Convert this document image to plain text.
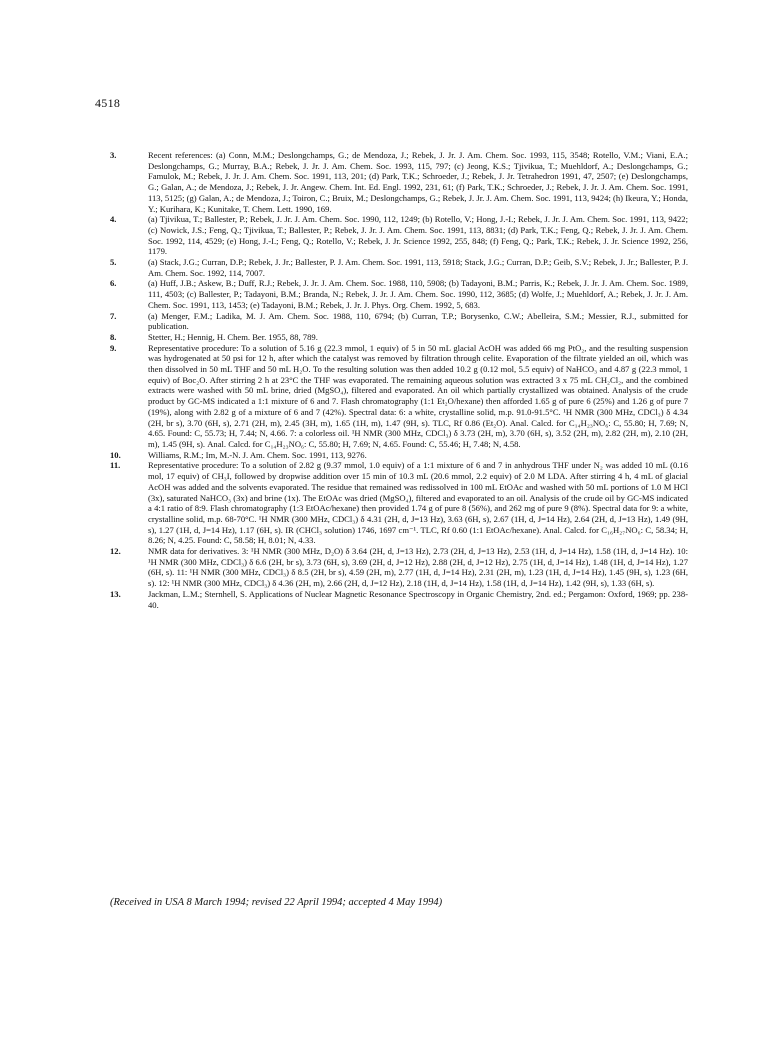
4518
3.	Recent references: (a) Conn, M.M.; Deslongchamps, G.; de Mendoza, J.; Rebek, J. Jr. J. Am. Chem. Soc. 1993, 115, 3548; Rotello, V.M.; Viani, E.A.; Deslongchamps, G.; Murray, B.A.; Rebek, J. Jr. J. Am. Chem. Soc. 1993, 115, 797; (c) Jeong, K.S.; Tjivikua, T.; Muehldorf, A.; Deslongchamps, G.; Famulok, M.; Rebek, J. Jr. J. Am. Chem. Soc. 1991, 113, 201; (d) Park, T.K.; Schroeder, J.; Rebek, J. Jr. Tetrahedron 1991, 47, 2507; (e) Deslongchamps, G.; Galan, A.; de Mendoza, J.; Rebek, J. Jr. Angew. Chem. Int. Ed. Engl. 1992, 231, 61; (f) Park, T.K.; Schroeder, J.; Rebek, J. Jr. J. Am. Chem. Soc. 1991, 113, 5125; (g) Galan, A.; de Mendoza, J.; Toiron, C.; Bruix, M.; Deslongchamps, G.; Rebek, J. Jr. J. Am. Chem. Soc. 1991, 113, 9424; (h) Ikeura, Y.; Honda, Y.; Kurihara, K.; Kunitake, T. Chem. Lett. 1990, 169.
4.	(a) Tjivikua, T.; Ballester, P.; Rebek, J. Jr. J. Am. Chem. Soc. 1990, 112, 1249; (b) Rotello, V.; Hong, J.-I.; Rebek, J. Jr. J. Am. Chem. Soc. 1991, 113, 9422; (c) Nowick, J.S.; Feng, Q.; Tjivikua, T.; Ballester, P.; Rebek, J. Jr. J. Am. Chem. Soc. 1991, 113, 8831; (d) Park, T.K.; Feng, Q.; Rebek, J. Jr. J. Am. Chem. Soc. 1992, 114, 4529; (e) Hong, J.-I.; Feng, Q.; Rotello, V.; Rebek, J. Jr. Science 1992, 255, 848; (f) Feng, Q.; Park, T.K.; Rebek, J. Jr. Science 1992, 256, 1179.
5.	(a) Stack, J.G.; Curran, D.P.; Rebek, J. Jr.; Ballester, P. J. Am. Chem. Soc. 1991, 113, 5918; Stack, J.G.; Curran, D.P.; Geib, S.V.; Rebek, J. Jr.; Ballester, P. J. Am. Chem. Soc. 1992, 114, 7007.
6.	(a) Huff, J.B.; Askew, B.; Duff, R.J.; Rebek, J. Jr. J. Am. Chem. Soc. 1988, 110, 5908; (b) Tadayoni, B.M.; Parris, K.; Rebek, J. Jr. J. Am. Chem. Soc. 1989, 111, 4503; (c) Ballester, P.; Tadayoni, B.M.; Branda, N.; Rebek, J. Jr. J. Am. Chem. Soc. 1990, 112, 3685; (d) Wolfe, J.; Muehldorf, A.; Rebek, J. Jr. J. Am. Chem. Soc. 1991, 113, 1453; (e) Tadayoni, B.M.; Rebek, J. Jr. J. Phys. Org. Chem. 1992, 5, 683.
7.	(a) Menger, F.M.; Ladika, M. J. Am. Chem. Soc. 1988, 110, 6794; (b) Curran, T.P.; Borysenko, C.W.; Abelleira, S.M.; Messier, R.J., submitted for publication.
8.	Stetter, H.; Hennig, H. Chem. Ber. 1955, 88, 789.
9.	Representative procedure: To a solution of 5.16 g (22.3 mmol, 1 equiv) of 5 in 50 mL glacial AcOH was added 66 mg PtO₂, and the resulting suspension was hydrogenated at 50 psi for 12 h, after which the catalyst was removed by filtration through celite. Evaporation of the filtrate yielded an oil, which was then dissolved in 50 mL THF and 50 mL H₂O. To the resulting solution was then added 10.2 g (0.12 mol, 5.5 equiv) of NaHCO₃ and 4.87 g (22.3 mmol, 1 equiv) of Boc₂O. After stirring 2 h at 23°C the THF was evaporated. The remaining aqueous solution was extracted 3 x 75 mL CH₂Cl₂, and the combined extracts were washed with 50 mL brine, dried (MgSO₄), filtered and evaporated. An oil which partially crystallized was obtained. Analysis of the crude product by GC-MS indicated a 1:1 mixture of 6 and 7. Flash chromatography (1:1 Et₂O/hexane) then afforded 1.65 g of pure 6 (25%) and 1.26 g of pure 7 (19%), along with 2.82 g of a mixture of 6 and 7 (42%). Spectral data: 6: a white, crystalline solid, m.p. 91.0-91.5°C. ¹H NMR (300 MHz, CDCl₃) δ 4.34 (2H, br s), 3.70 (6H, s), 2.71 (2H, m), 2.45 (3H, m), 1.65 (1H, m), 1.47 (9H, s). TLC, Rf 0.86 (Et₂O). Anal. Calcd. for C₁₄H₂₃NO₆: C, 55.80; H, 7.69; N, 4.65. Found: C, 55.73; H, 7.44; N, 4.66. 7: a colorless oil. ¹H NMR (300 MHz, CDCl₃) δ 3.73 (2H, m), 3.70 (6H, s), 3.52 (2H, m), 2.82 (2H, m), 2.10 (2H, m), 1.45 (9H, s). Anal. Calcd. for C₁₄H₂₃NO₆: C, 55.80; H, 7.69; N, 4.65. Found: C, 55.46; H, 7.48; N, 4.58.
10.	Williams, R.M.; Im, M.-N. J. Am. Chem. Soc. 1991, 113, 9276.
11.	Representative procedure: To a solution of 2.82 g (9.37 mmol, 1.0 equiv) of a 1:1 mixture of 6 and 7 in anhydrous THF under N₂ was added 10 mL (0.16 mol, 17 equiv) of CH₃I, followed by dropwise addition over 15 min of 10.3 mL (20.6 mmol, 2.2 equiv) of 2.0 M LDA. After stirring 4 h, 4 mL of glacial AcOH was added and the solvents evaporated. The residue that remained was redissolved in 100 mL EtOAc and washed with 50 mL portions of 1.0 M HCl (3x), saturated NaHCO₃ (3x) and brine (1x). The EtOAc was dried (MgSO₄), filtered and evaporated to an oil. Analysis of the crude oil by GC-MS indicated a 4:1 ratio of 8:9. Flash chromatography (1:3 EtOAc/hexane) then provided 1.74 g of pure 8 (56%), and 262 mg of pure 9 (8%). Spectral data for 9: a white, crystalline solid, m.p. 68-70°C. ¹H NMR (300 MHz, CDCl₃) δ 4.31 (2H, d, J=13 Hz), 3.63 (6H, s), 2.67 (1H, d, J=14 Hz), 2.64 (2H, d, J=13 Hz), 1.49 (9H, s), 1.27 (1H, d, J=14 Hz), 1.17 (6H, s). IR (CHCl₃ solution) 1746, 1697 cm⁻¹. TLC, Rf 0.60 (1:1 EtOAc/hexane). Anal. Calcd. for C₁₆H₂₇NO₆: C, 58.34; H, 8.26; N, 4.25. Found: C, 58.58; H, 8.01; N, 4.33.
12.	NMR data for derivatives. 3: ¹H NMR (300 MHz, D₂O) δ 3.64 (2H, d, J=13 Hz), 2.73 (2H, d, J=13 Hz), 2.53 (1H, d, J=14 Hz), 1.58 (1H, d, J=14 Hz). 10: ¹H NMR (300 MHz, CDCl₃) δ 6.6 (2H, br s), 3.73 (6H, s), 3.69 (2H, d, J=12 Hz), 2.88 (2H, d, J=12 Hz), 2.75 (1H, d, J=14 Hz), 1.48 (1H, d, J=14 Hz), 1.27 (6H, s). 11: ¹H NMR (300 MHz, CDCl₃) δ 8.5 (2H, br s), 4.59 (2H, m), 2.77 (1H, d, J=14 Hz), 2.31 (2H, m), 1.23 (1H, d, J=14 Hz), 1.45 (9H, s), 1.23 (6H, s). 12: ¹H NMR (300 MHz, CDCl₃) δ 4.36 (2H, m), 2.66 (2H, d, J=12 Hz), 2.18 (1H, d, J=14 Hz), 1.58 (1H, d, J=14 Hz), 1.42 (9H, s), 1.33 (6H, s).
13.	Jackman, L.M.; Sternhell, S. Applications of Nuclear Magnetic Resonance Spectroscopy in Organic Chemistry, 2nd. ed.; Pergamon: Oxford, 1969; pp. 238-40.
(Received in USA 8 March 1994; revised 22 April 1994; accepted 4 May 1994)
